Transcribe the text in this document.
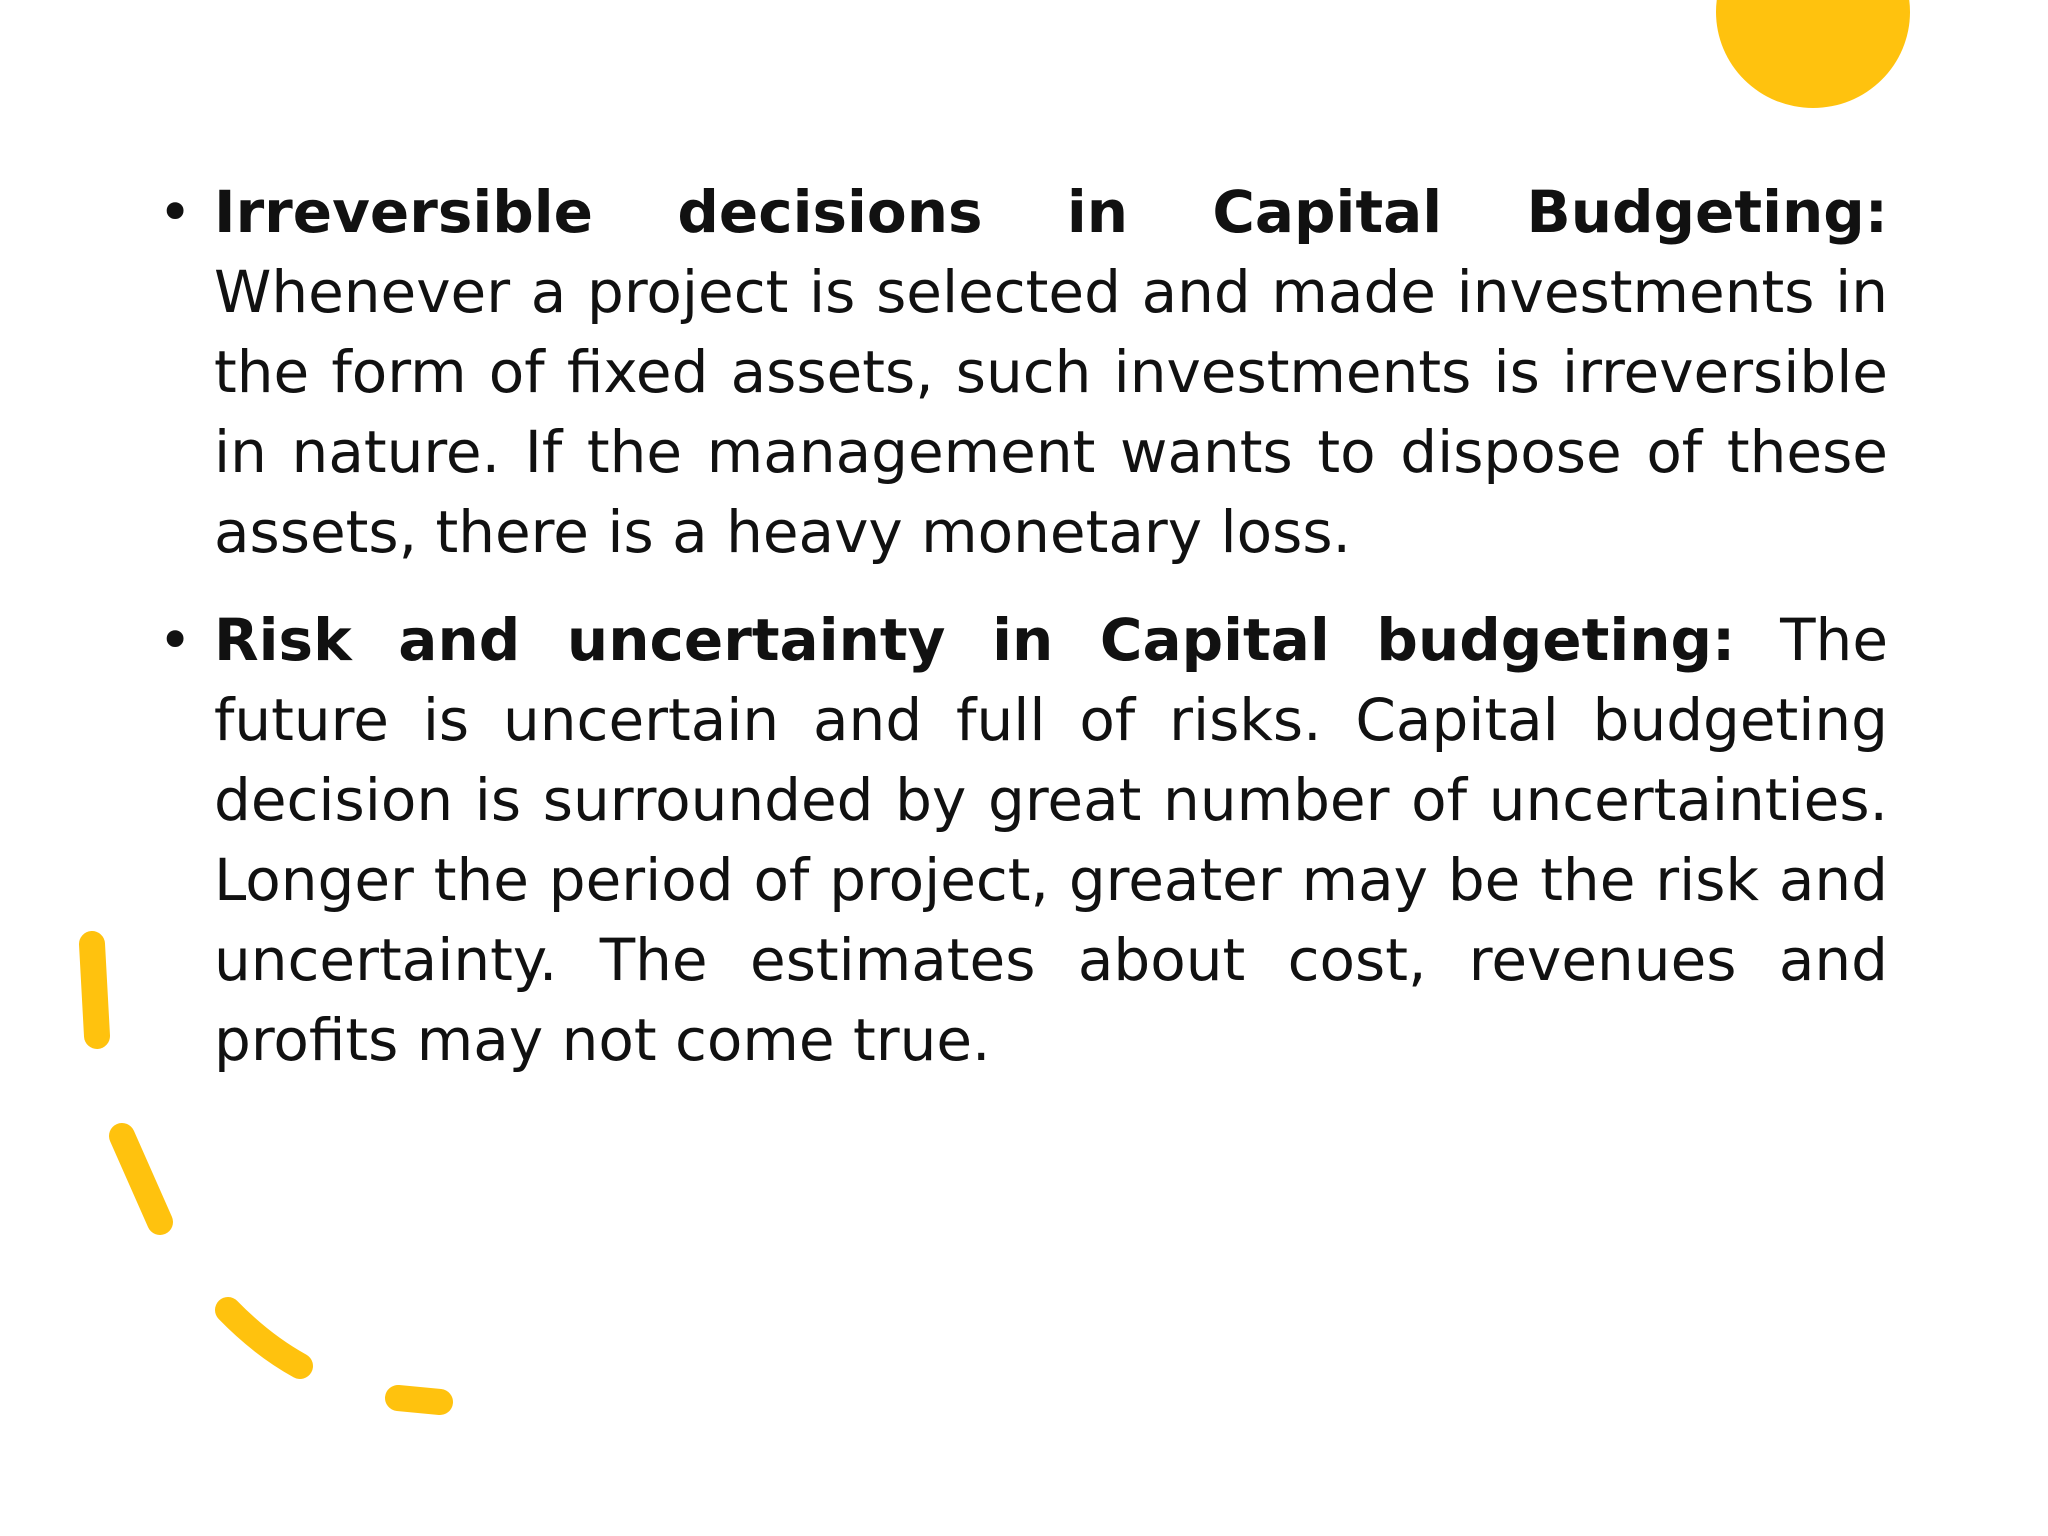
• Irreversible decisions in Capital Budgeting: Whenever a project is selected and made investments in the form of fixed assets, such investments is irreversible in nature. If the management wants to dispose of these assets, there is a heavy monetary loss.
• Risk and uncertainty in Capital budgeting: The future is uncertain and full of risks. Capital budgeting decision is surrounded by great number of uncertainties. Longer the period of project, greater may be the risk and uncertainty. The estimates about cost, revenues and profits may not come true.
